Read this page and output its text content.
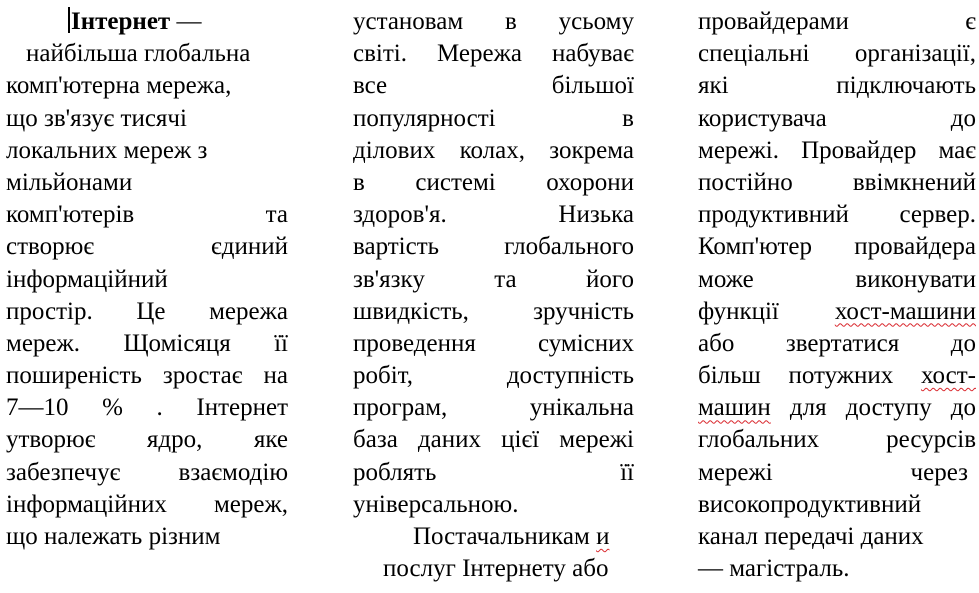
Інтернет —
найбільша глобальна
комп'ютерна мережа,
що зв'язує тисячі
локальних мереж з
мільйонами
комп'ютерів та
створює єдиний
інформаційний
простір. Це мережа
мереж. Щомісяця її
поширеність зростає на
7—10 % . Інтернет
утворює ядро, яке
забезпечує взаємодію
інформаційних мереж,
що належать різним
установам в усьому
світі. Мережа набуває
все більшої
популярності в
ділових колах, зокрема
в системі охорони
здоров'я. Низька
вартість глобального
зв'язку та його
швидкість, зручність
проведення сумісних
робіт, доступність
програм, унікальна
база даних цієї мережі
роблять її
універсальною.
Постачальникам и
послуг Інтернету або
провайдерами є
спеціальні організації,
які підключають
користувача до
мережі. Провайдер має
постійно ввімкнений
продуктивний сервер.
Комп'ютер провайдера
може виконувати
функції хост-машини
або звертатися до
більш потужних хост-
машин для доступу до
глобальних ресурсів
мережі через
високопродуктивний
канал передачі даних
— магістраль.
